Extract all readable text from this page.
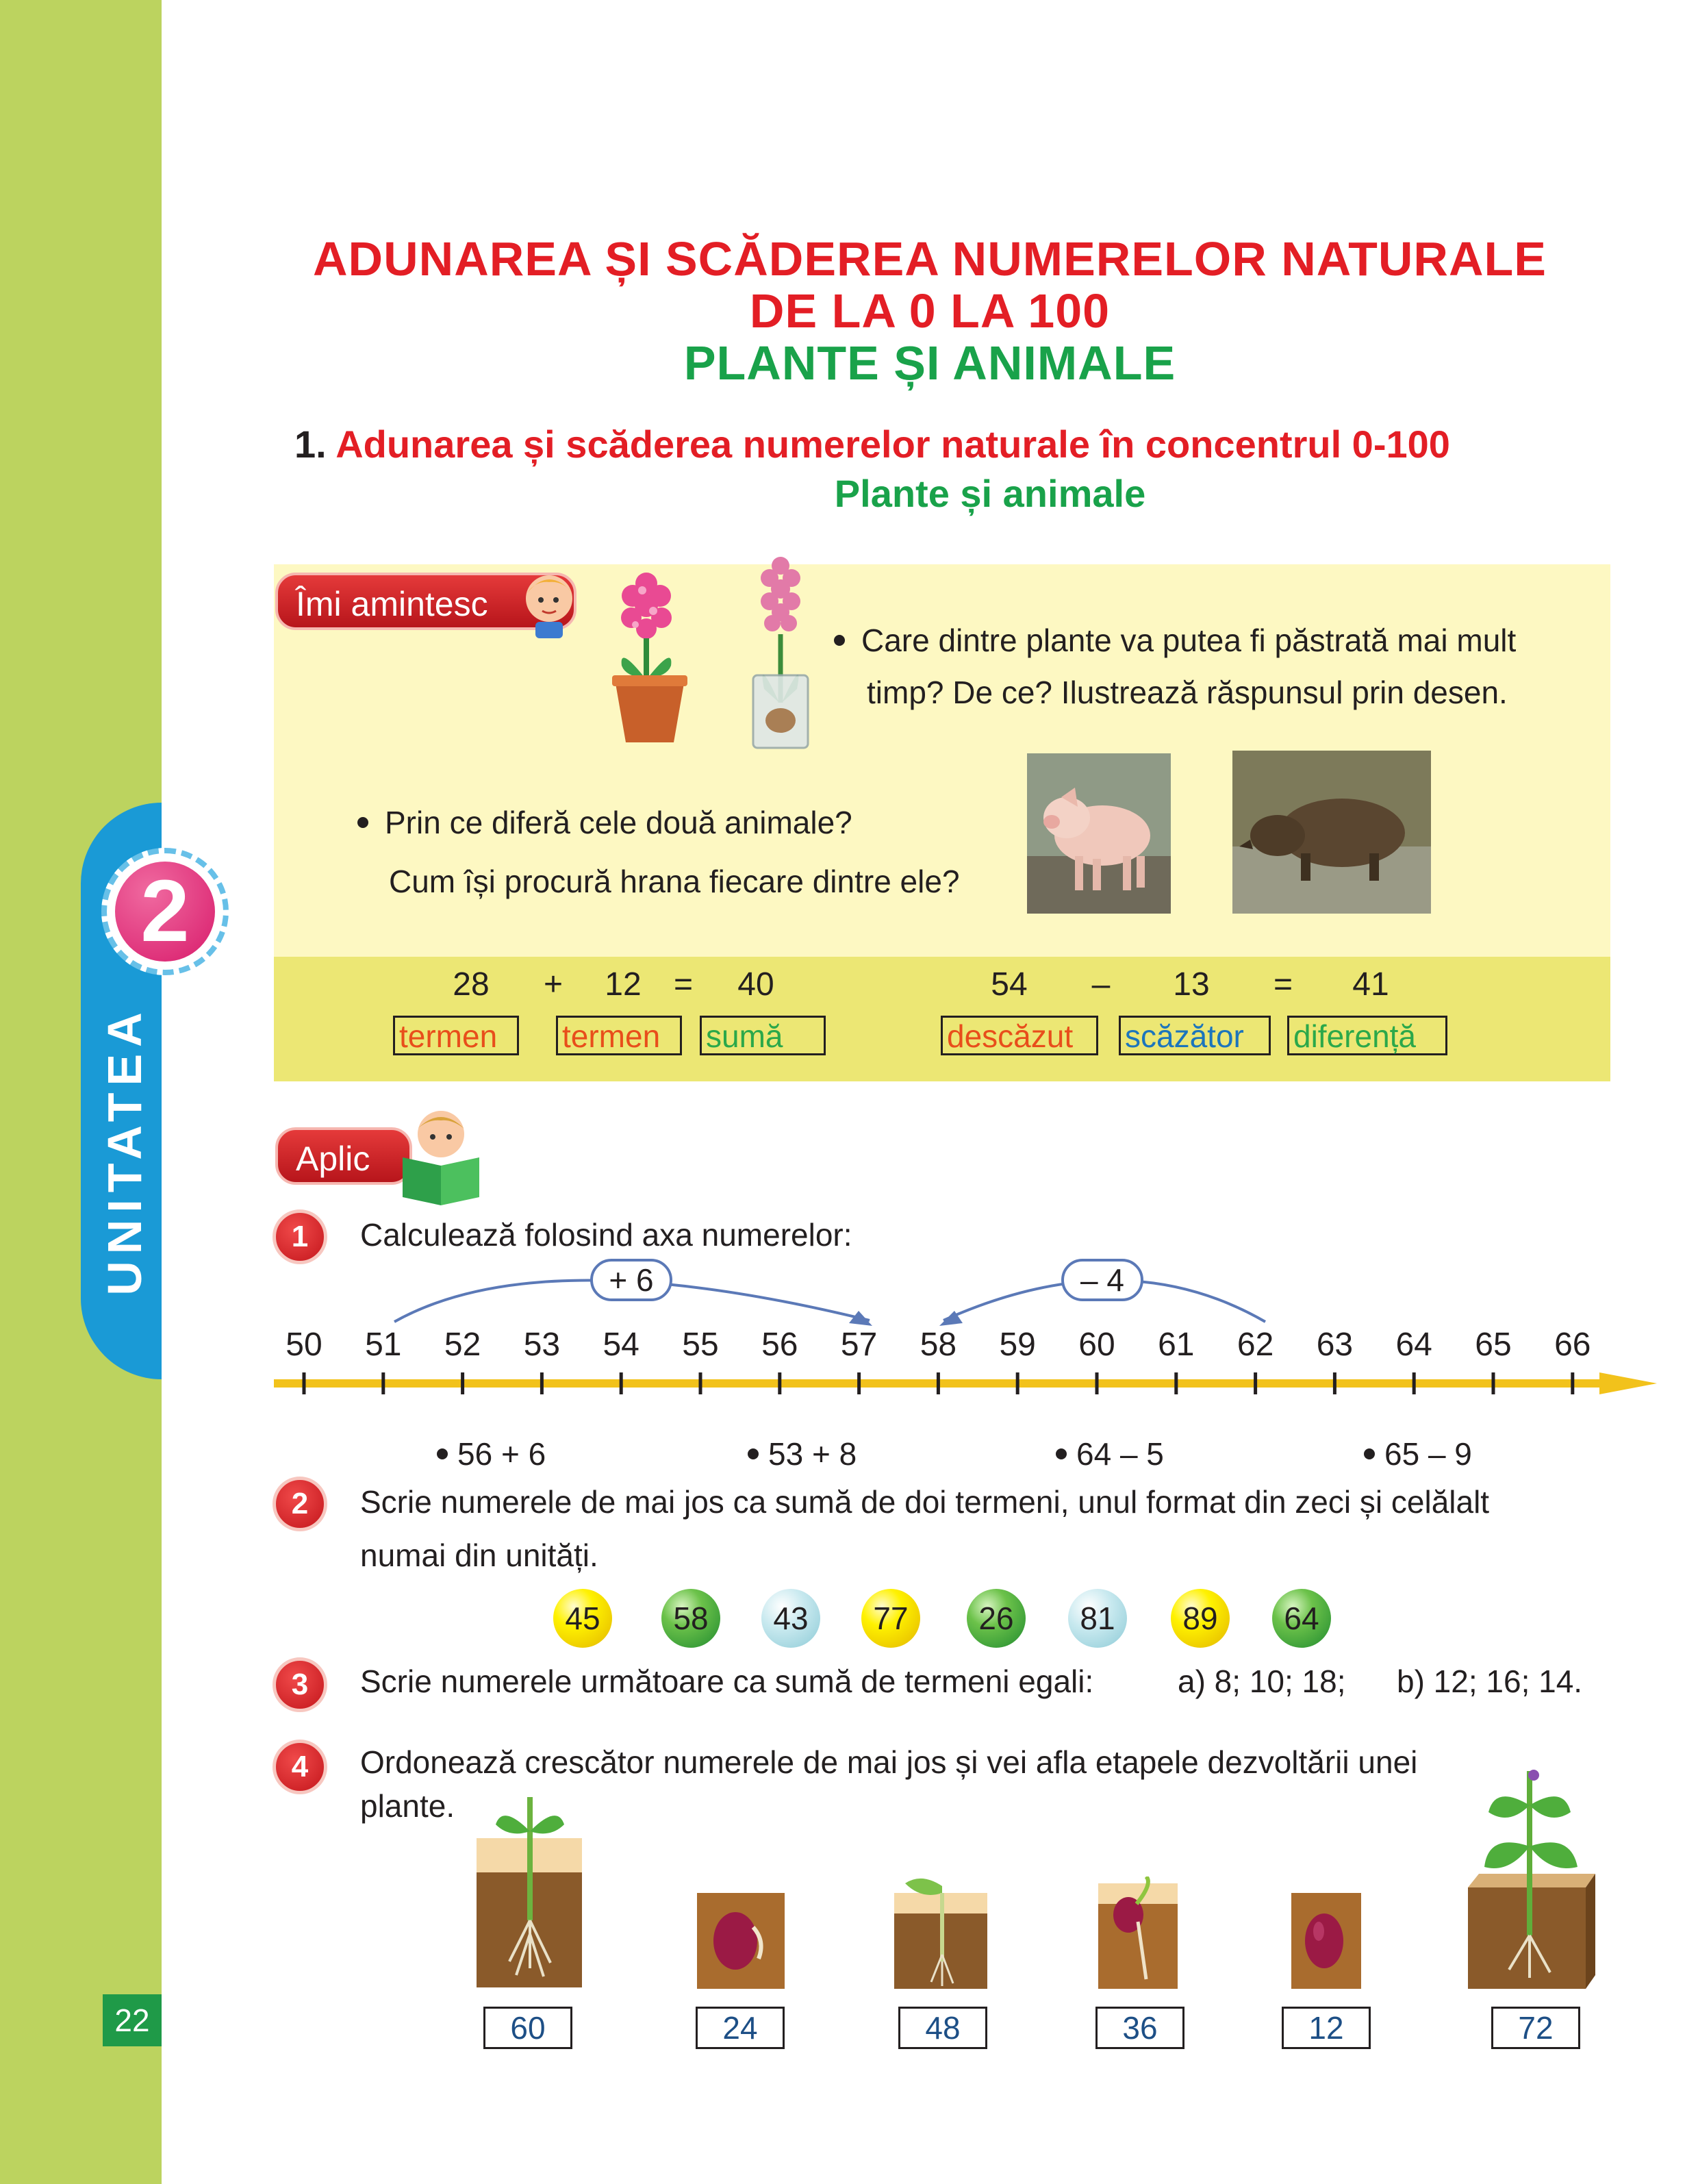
UNITATEA
2
22
ADUNAREA ȘI SCĂDEREA NUMERELOR NATURALE
DE LA 0 LA 100
PLANTE ȘI ANIMALE
1. Adunarea și scăderea numerelor naturale în concentrul 0-100
Plante și animale
Îmi amintesc
Care dintre plante va putea fi păstrată mai mult
timp? De ce? Ilustrează răspunsul prin desen.
Prin ce diferă cele două animale?
Cum își procură hrana fiecare dintre ele?
28	+	12 =	40
termen	termen	sumă
54	–	13	=	41
descăzut	scăzător	diferență
Aplic
1	Calculează folosind axa numerelor:
+ 6	– 4
50	51	52	53	54	55	56	57	58	59	60	61	62	63	64	65	66
56 + 6	53 + 8	64 – 5	65 – 9
2	Scrie numerele de mai jos ca sumă de doi termeni, unul format din zeci și celălalt
numai din unități.
45	58	43	77	26	81	89	64
3	Scrie numerele următoare ca sumă de termeni egali:	a) 8; 10; 18; b) 12; 16; 14.
4	Ordonează crescător numerele de mai jos și vei afla etapele dezvoltării unei
plante.
60	24	48	36	12	72
